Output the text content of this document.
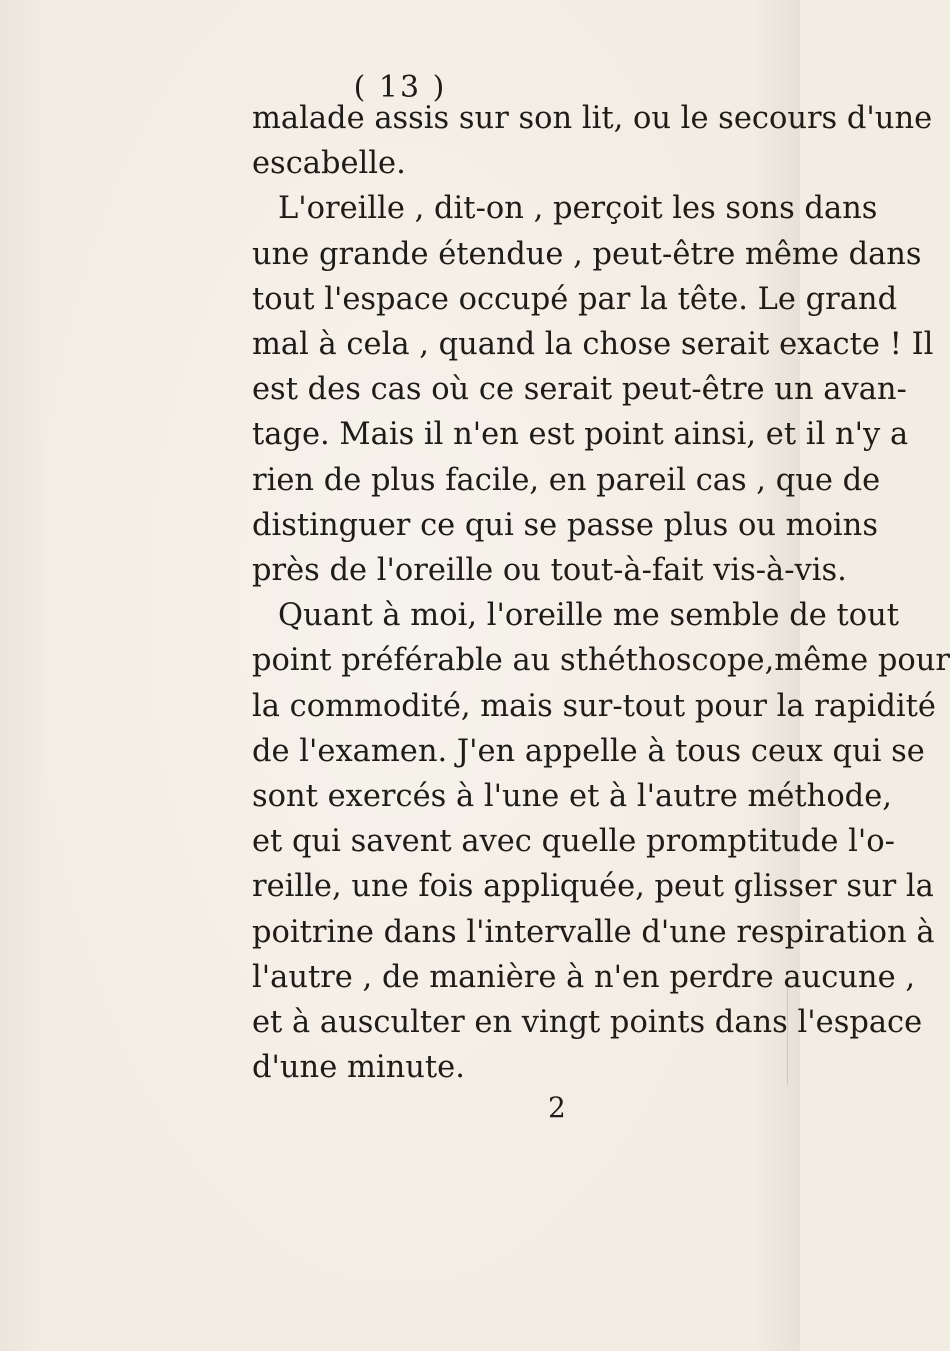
( 13 )
malade assis sur son lit, ou le secours d'une
escabelle.
L'oreille , dit-on , perçoit les sons dans
une grande étendue , peut-être même dans
tout l'espace occupé par la tête. Le grand
mal à cela , quand la chose serait exacte ! Il
est des cas où ce serait peut-être un avan-
tage. Mais il n'en est point ainsi, et il n'y a
rien de plus facile, en pareil cas , que de
distinguer ce qui se passe plus ou moins
près de l'oreille ou tout-à-fait vis-à-vis.
Quant à moi, l'oreille me semble de tout
point préférable au sthéthoscope,même pour
la commodité, mais sur-tout pour la rapidité
de l'examen. J'en appelle à tous ceux qui se
sont exercés à l'une et à l'autre méthode,
et qui savent avec quelle promptitude l'o-
reille, une fois appliquée, peut glisser sur la
poitrine dans l'intervalle d'une respiration à
l'autre , de manière à n'en perdre aucune ,
et à ausculter en vingt points dans l'espace
d'une minute.
2
